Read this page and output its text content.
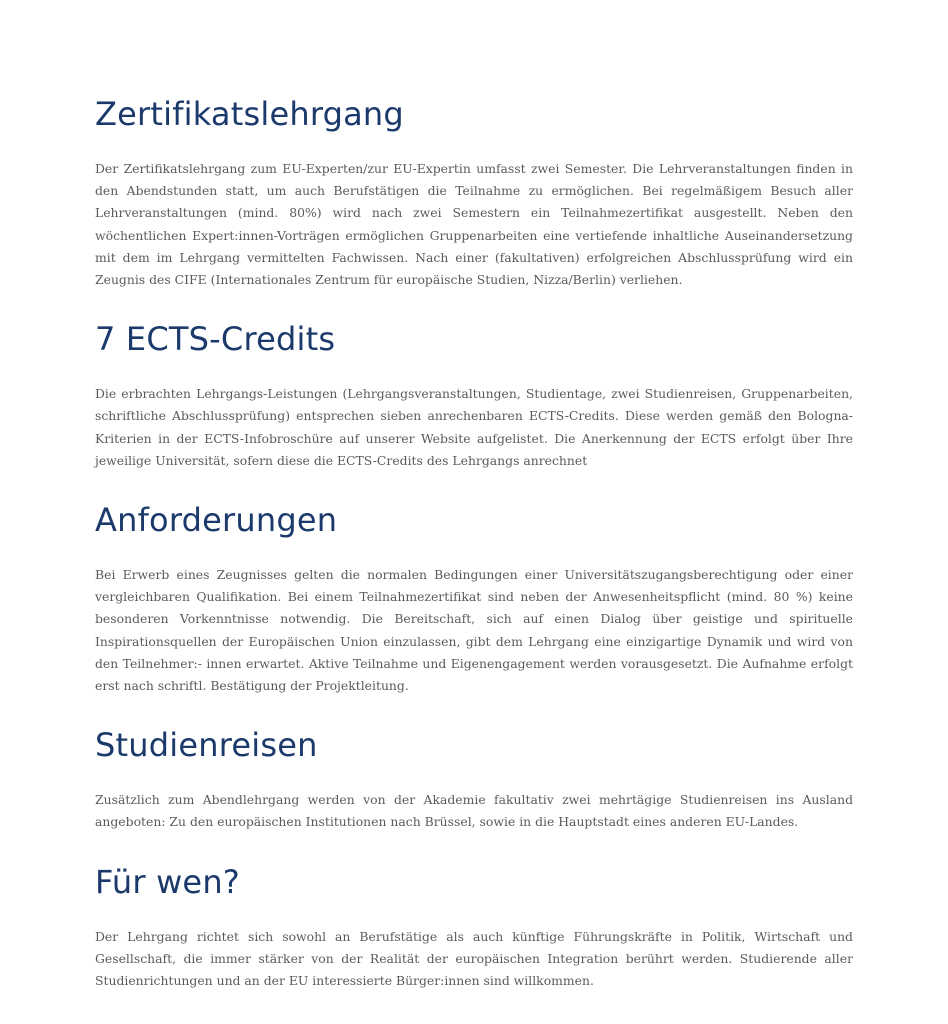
Zertifikatslehrgang

Der Zertifikatslehrgang zum EU-Experten/zur EU-Expertin umfasst zwei Semester. Die Lehrveranstaltungen finden in den Abendstunden statt, um auch Berufstätigen die Teilnahme zu ermöglichen. Bei regelmäßigem Besuch aller Lehrveranstaltungen (mind. 80%) wird nach zwei Semestern ein Teilnahmezertifikat ausgestellt. Neben den wöchentlichen Expert:innen-Vorträgen ermöglichen Gruppenarbeiten eine vertiefende inhaltliche Auseinandersetzung mit dem im Lehrgang vermittelten Fachwissen. Nach einer (fakultativen) erfolgreichen Abschlussprüfung wird ein Zeugnis des CIFE (Internationales Zentrum für europäische Studien, Nizza/Berlin) verliehen.

7 ECTS-Credits

Die erbrachten Lehrgangs-Leistungen (Lehrgangsveranstaltungen, Studientage, zwei Studienreisen, Gruppenarbeiten, schriftliche Abschlussprüfung) entsprechen sieben anrechenbaren ECTS-Credits. Diese werden gemäß den Bologna-Kriterien in der ECTS-Infobroschüre auf unserer Website aufgelistet. Die Anerkennung der ECTS erfolgt über Ihre jeweilige Universität, sofern diese die ECTS-Credits des Lehrgangs anrechnet

Anforderungen

Bei Erwerb eines Zeugnisses gelten die normalen Bedingungen einer Universitätszugangsberechtigung oder einer vergleichbaren Qualifikation. Bei einem Teilnahmezertifikat sind neben der Anwesenheitspflicht (mind. 80 %) keine besonderen Vorkenntnisse notwendig. Die Bereitschaft, sich auf einen Dialog über geistige und spirituelle Inspirationsquellen der Europäischen Union einzulassen, gibt dem Lehrgang eine einzigartige Dynamik und wird von den Teilnehmer:- innen erwartet. Aktive Teilnahme und Eigenengagement werden vorausgesetzt. Die Aufnahme erfolgt erst nach schriftl. Bestätigung der Projektleitung.

Studienreisen

Zusätzlich zum Abendlehrgang werden von der Akademie fakultativ zwei mehrtägige Studienreisen ins Ausland angeboten: Zu den europäischen Institutionen nach Brüssel, sowie in die Hauptstadt eines anderen EU-Landes.

Für wen?

Der Lehrgang richtet sich sowohl an Berufstätige als auch künftige Führungskräfte in Politik, Wirtschaft und Gesellschaft, die immer stärker von der Realität der europäischen Integration berührt werden. Studierende aller Studienrichtungen und an der EU interessierte Bürger:innen sind willkommen.
